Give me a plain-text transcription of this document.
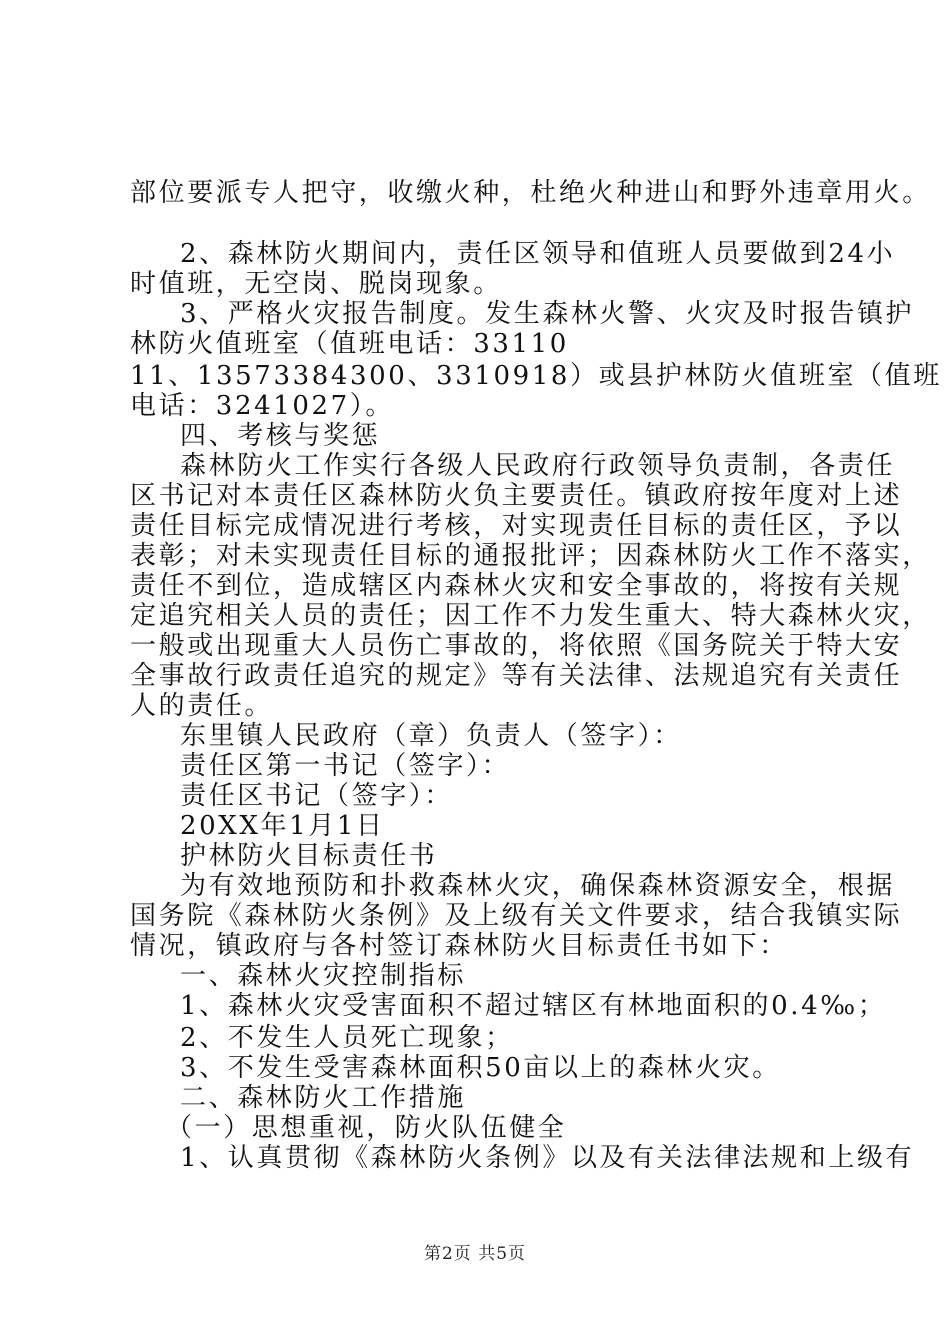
部位要派专人把守，收缴火种，杜绝火种进山和野外违章用火。
2、森林防火期间内，责任区领导和值班人员要做到24小
时值班，无空岗、脱岗现象。
3、严格火灾报告制度。发生森林火警、火灾及时报告镇护
林防火值班室（值班电话：33110
11、13573384300、3310918）或县护林防火值班室（值班
电话：3241027）。
四、考核与奖惩
森林防火工作实行各级人民政府行政领导负责制，各责任
区书记对本责任区森林防火负主要责任。镇政府按年度对上述
责任目标完成情况进行考核，对实现责任目标的责任区，予以
表彰；对未实现责任目标的通报批评；因森林防火工作不落实，
责任不到位，造成辖区内森林火灾和安全事故的，将按有关规
定追究相关人员的责任；因工作不力发生重大、特大森林火灾，
一般或出现重大人员伤亡事故的，将依照《国务院关于特大安
全事故行政责任追究的规定》等有关法律、法规追究有关责任
人的责任。
东里镇人民政府（章）负责人（签字）：
责任区第一书记（签字）：
责任区书记（签字）：
20XX年1月1日
护林防火目标责任书
为有效地预防和扑救森林火灾，确保森林资源安全，根据
国务院《森林防火条例》及上级有关文件要求，结合我镇实际
情况，镇政府与各村签订森林防火目标责任书如下：
一、森林火灾控制指标
1、森林火灾受害面积不超过辖区有林地面积的0.4‰；
2、不发生人员死亡现象；
3、不发生受害森林面积50亩以上的森林火灾。
二、森林防火工作措施
（一）思想重视，防火队伍健全
1、认真贯彻《森林防火条例》以及有关法律法规和上级有
第2页 共5页
